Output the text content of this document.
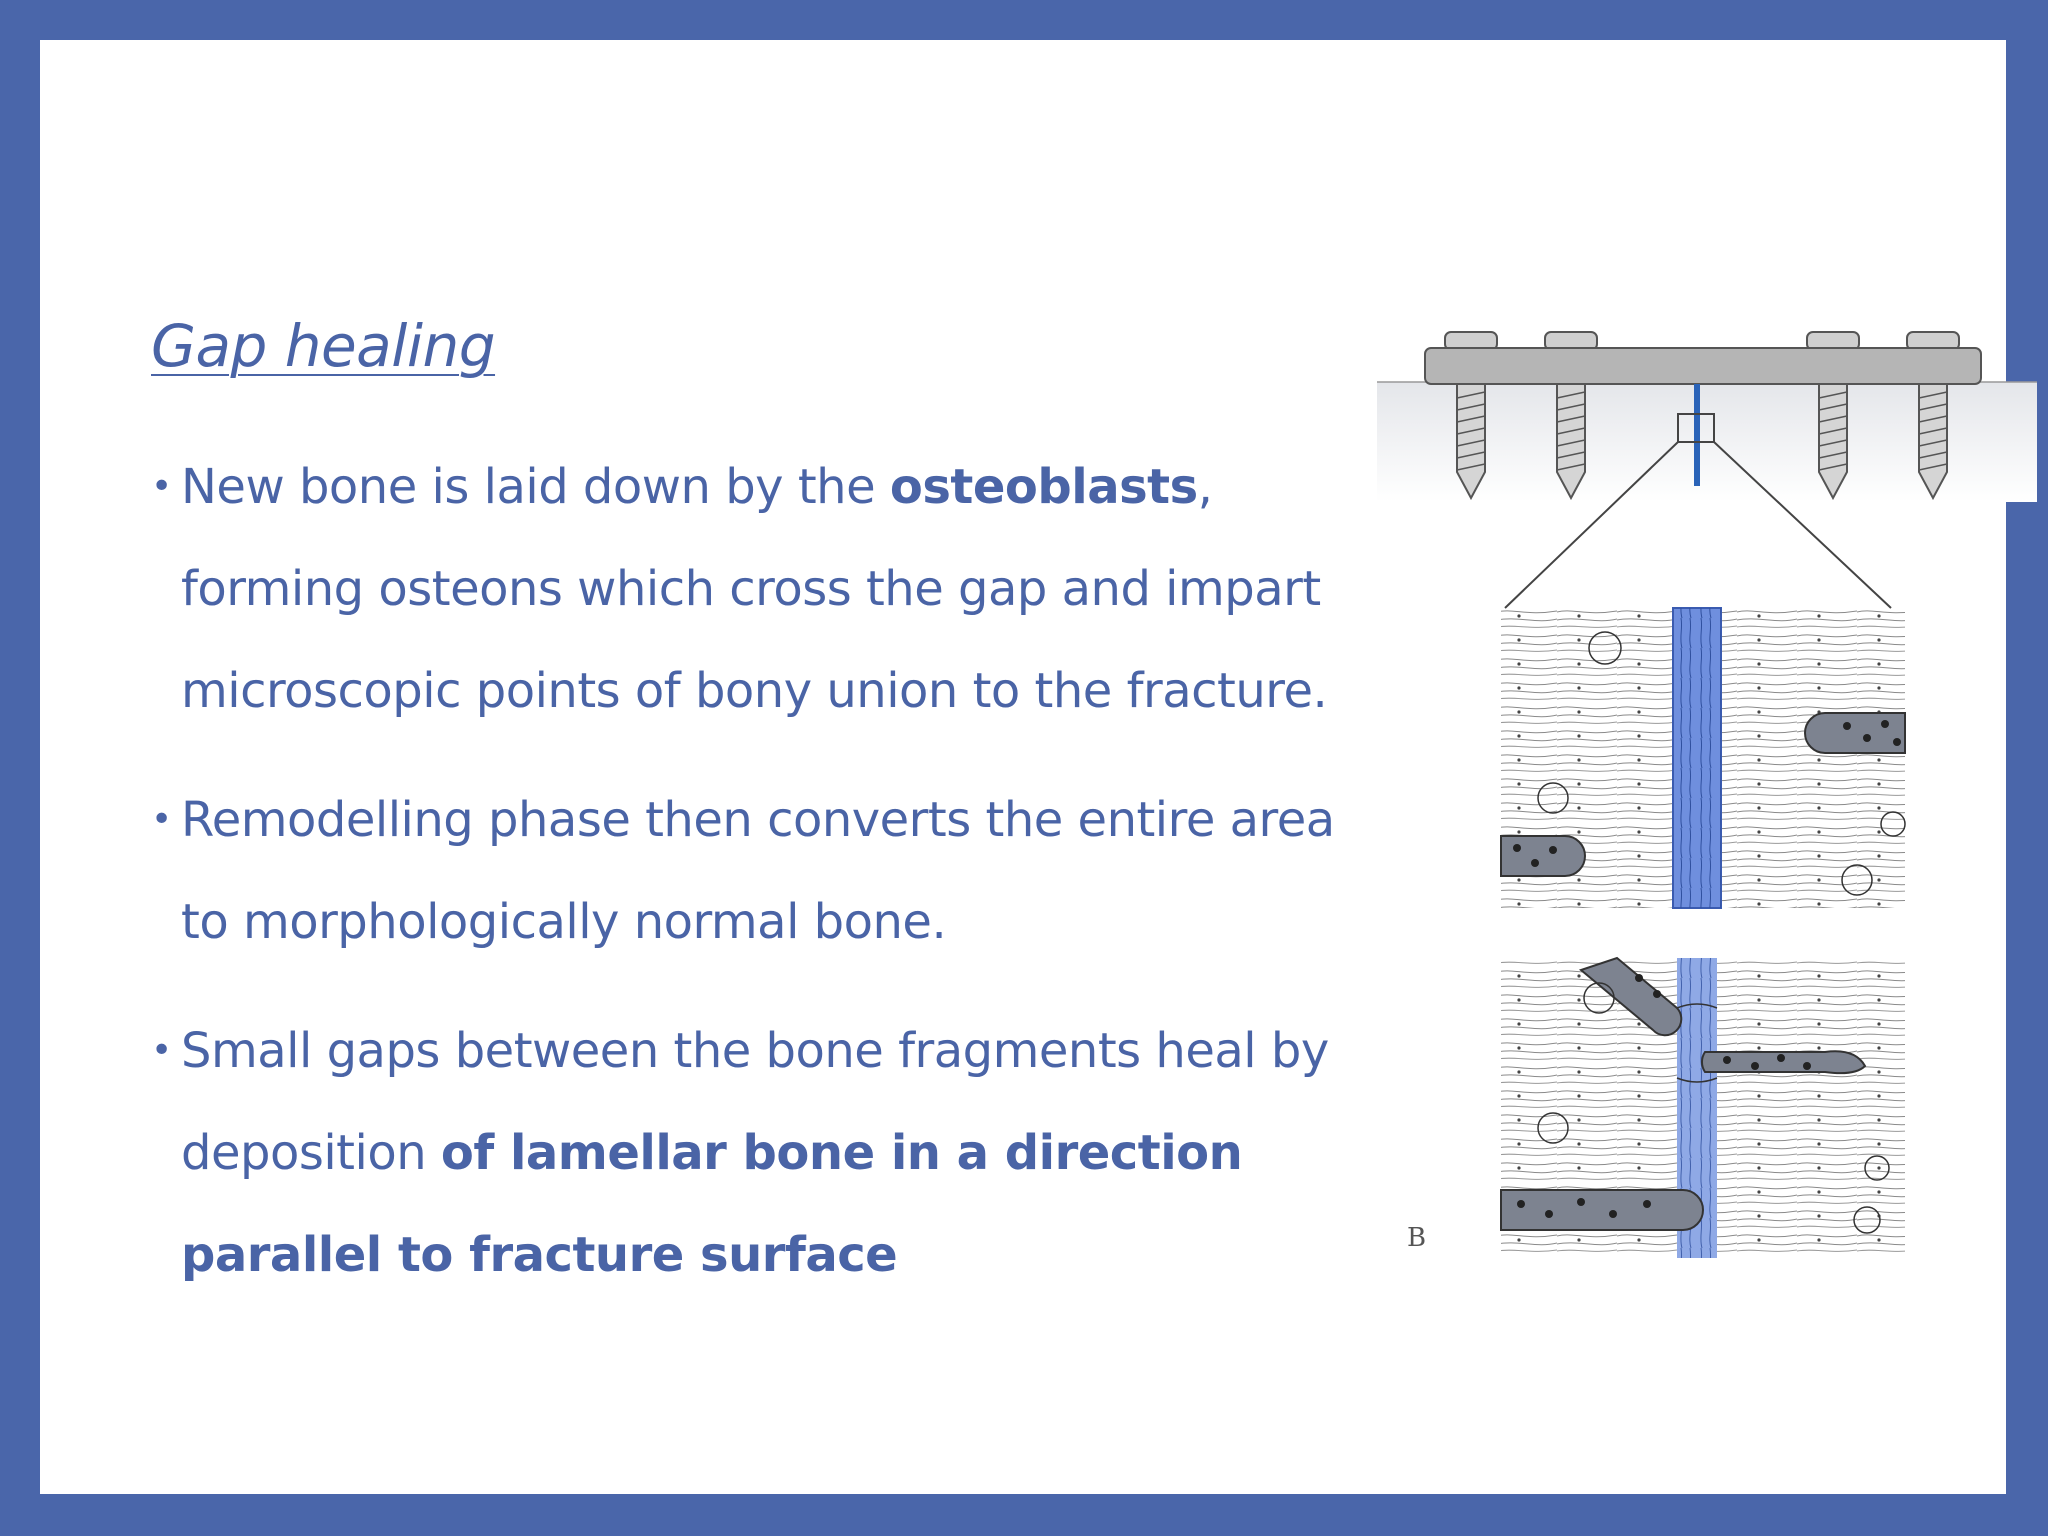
Gap healing
• New bone is laid down by the osteoblasts,
forming osteons which cross the gap and impart microscopic points of bony union to the fracture.
• Remodelling phase then converts the entire area to morphologically normal bone.
• Small gaps between the bone fragments heal by deposition of lamellar bone in a direction parallel to fracture surface	B
